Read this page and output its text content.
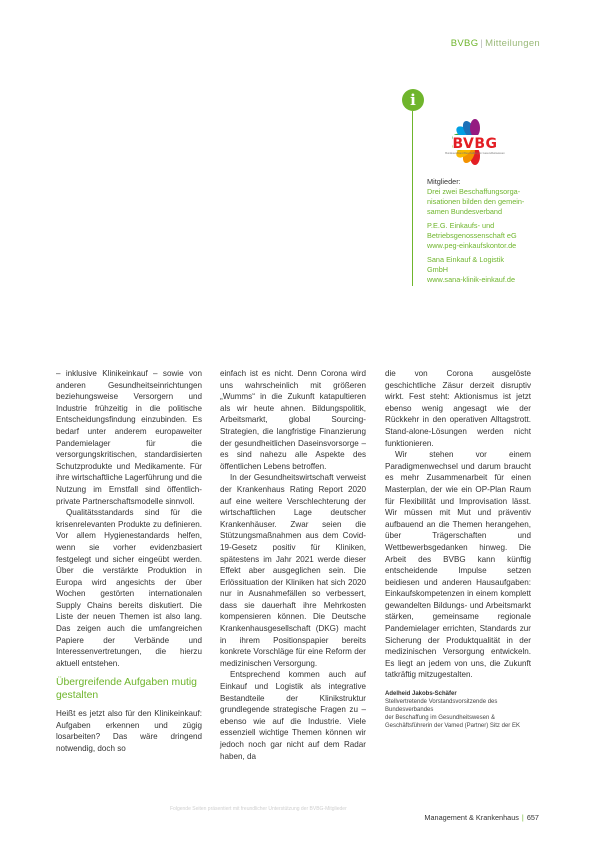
BVBG | Mitteilungen
i
BVBG
Bundesverband Beschaffung im Gesundheitswesen
Mitglieder:
Drei zwei Beschaffungsorga-
nisationen bilden den gemein-
samen Bundesverband
P.E.G. Einkaufs- und
Betriebsgenossenschaft eG
www.peg-einkaufskontor.de
Sana Einkauf & Logistik
GmbH
www.sana-klinik-einkauf.de

– inklusive Klinikeinkauf – sowie von anderen Gesundheitseinrichtungen beziehungsweise Versorgern und Industrie frühzeitig in die politische Entscheidungsfindung einzubinden. Es bedarf unter anderem europaweiter Pandemielager für die versorgungskritischen, standardisierten Schutzprodukte und Medikamente. Für ihre wirtschaftliche Lagerführung und die Nutzung im Ernstfall sind öffentlich-private Partnerschaftsmodelle sinnvoll.

Qualitätsstandards sind für die krisenrelevanten Produkte zu definieren. Vor allem Hygienestandards helfen, wenn sie vorher evidenzbasiert festgelegt und sicher eingeübt werden. Über die verstärkte Produktion in Europa wird angesichts der über Wochen gestörten internationalen Supply Chains bereits diskutiert. Die Liste der neuen Themen ist also lang. Das zeigen auch die umfangreichen Papiere der Verbände und Interessenvertretungen, die hierzu aktuell entstehen.

Übergreifende Aufgaben mutig gestalten

Heißt es jetzt also für den Klinikeinkauf: Aufgaben erkennen und zügig losarbeiten? Das wäre dringend notwendig, doch so

einfach ist es nicht. Denn Corona wird uns wahrscheinlich mit größeren „Wumms“ in die Zukunft katapultieren als wir heute ahnen. Bildungspolitik, Arbeitsmarkt, global Sourcing-Strategien, die langfristige Finanzierung der gesundheitlichen Daseinsvorsorge – es sind nahezu alle Aspekte des öffentlichen Lebens betroffen.

In der Gesundheitswirtschaft verweist der Krankenhaus Rating Report 2020 auf eine weitere Verschlechterung der wirtschaftlichen Lage deutscher Krankenhäuser. Zwar seien die Stützungsmaßnahmen aus dem Covid-19-Gesetz positiv für Kliniken, spätestens im Jahr 2021 werde dieser Effekt aber ausgeglichen sein. Die Erlössituation der Kliniken hat sich 2020 nur in Ausnahmefällen so verbessert, dass sie dauerhaft ihre Mehrkosten kompensieren können. Die Deutsche Krankenhausgesellschaft (DKG) macht in ihrem Positionspapier bereits konkrete Vorschläge für eine Reform der medizinischen Versorgung.

Entsprechend kommen auch auf Einkauf und Logistik als integrative Bestandteile der Klinikstruktur grundlegende strategische Fragen zu – ebenso wie auf die Industrie. Viele essenziell wichtige Themen können wir jedoch noch gar nicht auf dem Radar haben, da

die von Corona ausgelöste geschichtliche Zäsur derzeit disruptiv wirkt. Fest steht: Aktionismus ist jetzt ebenso wenig angesagt wie der Rückkehr in den operativen Alltagstrott. Stand-alone-Lösungen werden nicht funktionieren.

Wir stehen vor einem Paradigmenwechsel und darum braucht es mehr Zusammenarbeit für einen Masterplan, der wie ein OP-Plan Raum für Flexibilität und Improvisation lässt. Wir müssen mit Mut und präventiv aufbauend an die Themen herangehen, über Trägerschaften und Wettbewerbsgedanken hinweg. Die Arbeit des BVBG kann künftig entscheidende Impulse setzen beidiesen und anderen Hausaufgaben: Einkaufskompetenzen in einem komplett gewandelten Bildungs- und Arbeitsmarkt stärken, gemeinsame regionale Pandemielager errichten, Standards zur Sicherung der Produktqualität in der medizinischen Versorgung entwickeln. Es liegt an jedem von uns, die Zukunft tatkräftig mitzugestalten.

Adelheid Jakobs-Schäfer
Stellvertretende Vorstandsvorsitzende des Bundesverbandes
der Beschaffung im Gesundheitswesen &
Geschäftsführerin der Vamed (Partner) Sitz der EK
Folgende Seiten präsentiert mit freundlicher Unterstützung der BVBG-Mitglieder
Management & Krankenhaus | 657
